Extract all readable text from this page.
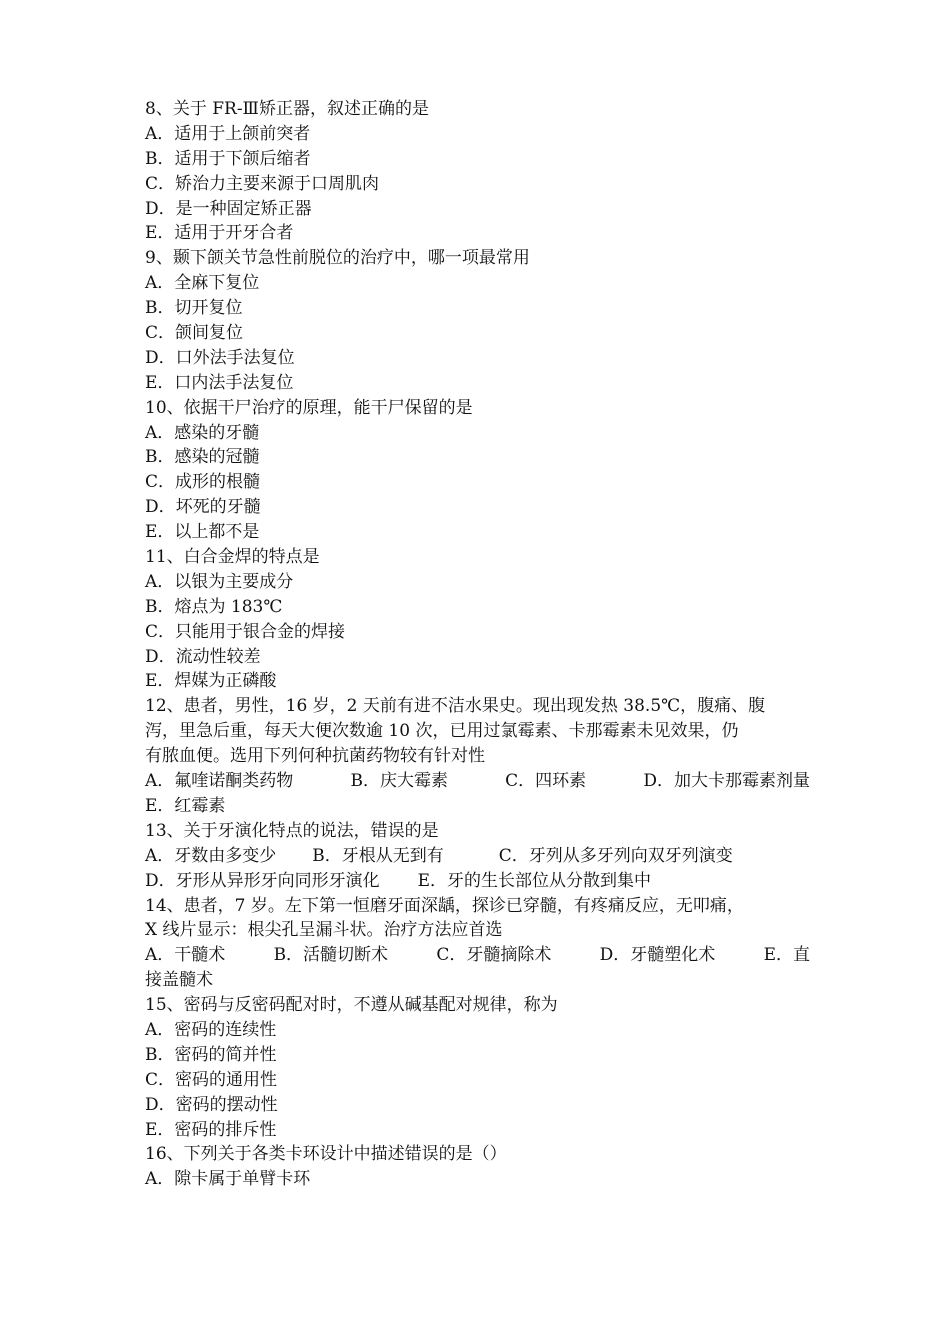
8、关于 FR-Ⅲ矫正器，叙述正确的是
A．适用于上颌前突者
B．适用于下颌后缩者
C．矫治力主要来源于口周肌肉
D．是一种固定矫正器
E．适用于开牙合者
9、颞下颌关节急性前脱位的治疗中，哪一项最常用
A．全麻下复位
B．切开复位
C．颌间复位
D．口外法手法复位
E．口内法手法复位
10、依据干尸治疗的原理，能干尸保留的是
A．感染的牙髓
B．感染的冠髓
C．成形的根髓
D．坏死的牙髓
E．以上都不是
11、白合金焊的特点是
A．以银为主要成分
B．熔点为 183℃
C．只能用于银合金的焊接
D．流动性较差
E．焊媒为正磷酸
12、患者，男性，16 岁，2 天前有进不洁水果史。现出现发热 38.5℃，腹痛、腹
泻，里急后重，每天大便次数逾 10 次，已用过氯霉素、卡那霉素未见效果，仍
有脓血便。选用下列何种抗菌药物较有针对性
A．氟喹诺酮类药物	B．庆大霉素	C．四环素	D．加大卡那霉素剂量
E．红霉素
13、关于牙演化特点的说法，错误的是
A．牙数由多变少 B．牙根从无到有	C．牙列从多牙列向双牙列演变
D．牙形从异形牙向同形牙演化 E．牙的生长部位从分散到集中
14、患者，7 岁。左下第一恒磨牙面深龋，探诊已穿髓，有疼痛反应，无叩痛，
X 线片显示：根尖孔呈漏斗状。治疗方法应首选
A．干髓术	B．活髓切断术	C．牙髓摘除术	D．牙髓塑化术	E．直
接盖髓术
15、密码与反密码配对时，不遵从碱基配对规律，称为
A．密码的连续性
B．密码的简并性
C．密码的通用性
D．密码的摆动性
E．密码的排斥性
16、下列关于各类卡环设计中描述错误的是（）
A．隙卡属于单臂卡环
